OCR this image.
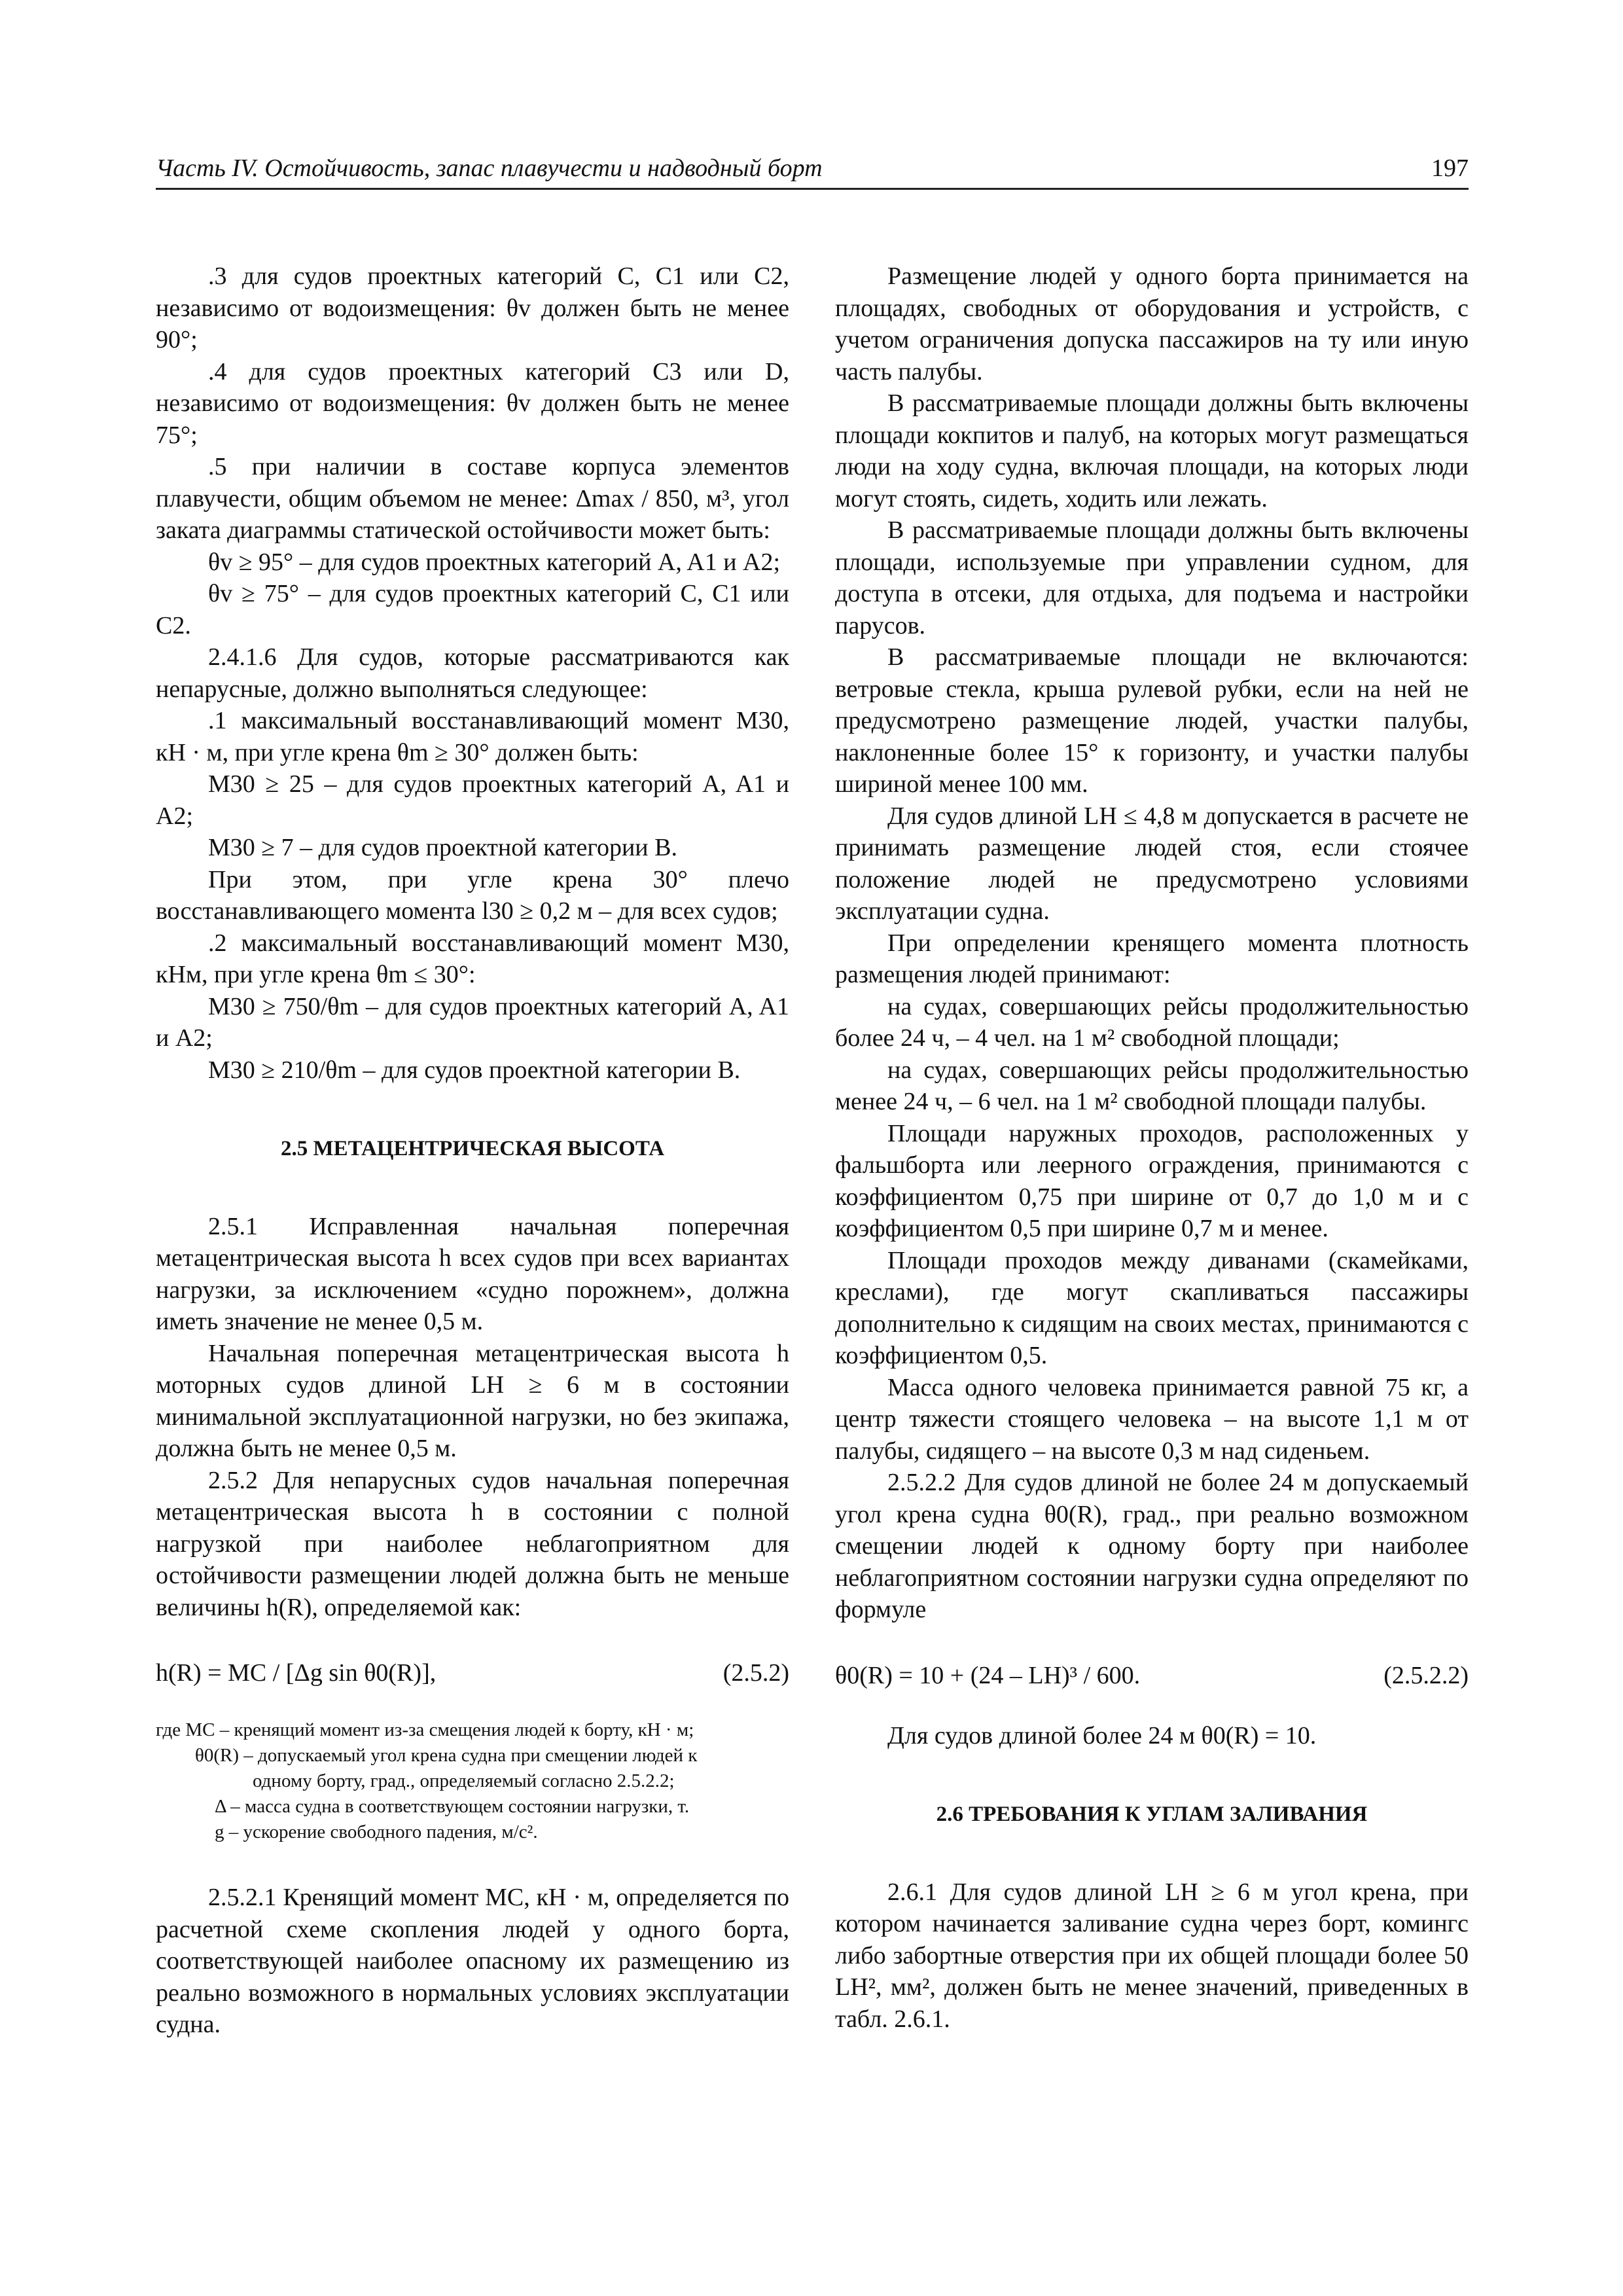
Часть IV. Остойчивость, запас плавучести и надводный борт	197

.3 для судов проектных категорий C, C1 или C2, независимо от водоизмещения: θv должен быть не менее 90°;

.4 для судов проектных категорий C3 или D, независимо от водоизмещения: θv должен быть не менее 75°;

.5 при наличии в составе корпуса элементов плавучести, общим объемом не менее: Δmax / 850, м³, угол заката диаграммы статической остойчивости может быть:

θv ≥ 95° – для судов проектных категорий A, A1 и A2;

θv ≥ 75° – для судов проектных категорий C, C1 или C2.

2.4.1.6 Для судов, которые рассматриваются как непарусные, должно выполняться следующее:

.1 максимальный восстанавливающий момент M30, кН · м, при угле крена θm ≥ 30° должен быть:

M30 ≥ 25 – для судов проектных категорий A, A1 и A2;

M30 ≥ 7 – для судов проектной категории B.

При этом, при угле крена 30° плечо восстанавливающего момента l30 ≥ 0,2 м – для всех судов;

.2 максимальный восстанавливающий момент M30, кНм, при угле крена θm ≤ 30°:

M30 ≥ 750/θm – для судов проектных категорий A, A1 и A2;

M30 ≥ 210/θm – для судов проектной категории B.

2.5 МЕТАЦЕНТРИЧЕСКАЯ ВЫСОТА

2.5.1 Исправленная начальная поперечная метацентрическая высота h всех судов при всех вариантах нагрузки, за исключением «судно порожнем», должна иметь значение не менее 0,5 м.

Начальная поперечная метацентрическая высота h моторных судов длиной LH ≥ 6 м в состоянии минимальной эксплуатационной нагрузки, но без экипажа, должна быть не менее 0,5 м.

2.5.2 Для непарусных судов начальная поперечная метацентрическая высота h в состоянии с полной нагрузкой при наиболее неблагоприятном для остойчивости размещении людей должна быть не меньше величины h(R), определяемой как:

h(R) = MC / [Δg sin θ0(R)],	(2.5.2)

где MC – кренящий момент из-за смещения людей к борту, кН · м;

θ0(R) – допускаемый угол крена судна при смещении людей к

одному борту, град., определяемый согласно 2.5.2.2;

Δ – масса судна в соответствующем состоянии нагрузки, т.

g – ускорение свободного падения, м/с².

2.5.2.1 Кренящий момент MC, кН · м, определяется по расчетной схеме скопления людей у одного борта, соответствующей наиболее опасному их размещению из реально возможного в нормальных условиях эксплуатации судна.

Размещение людей у одного борта принимается на площадях, свободных от оборудования и устройств, с учетом ограничения допуска пассажиров на ту или иную часть палубы.

В рассматриваемые площади должны быть включены площади кокпитов и палуб, на которых могут размещаться люди на ходу судна, включая площади, на которых люди могут стоять, сидеть, ходить или лежать.

В рассматриваемые площади должны быть включены площади, используемые при управлении судном, для доступа в отсеки, для отдыха, для подъема и настройки парусов.

В рассматриваемые площади не включаются: ветровые стекла, крыша рулевой рубки, если на ней не предусмотрено размещение людей, участки палубы, наклоненные более 15° к горизонту, и участки палубы шириной менее 100 мм.

Для судов длиной LH ≤ 4,8 м допускается в расчете не принимать размещение людей стоя, если стоячее положение людей не предусмотрено условиями эксплуатации судна.

При определении кренящего момента плотность размещения людей принимают:

на судах, совершающих рейсы продолжительностью более 24 ч, – 4 чел. на 1 м² свободной площади;

на судах, совершающих рейсы продолжительностью менее 24 ч, – 6 чел. на 1 м² свободной площади палубы.

Площади наружных проходов, расположенных у фальшборта или леерного ограждения, принимаются с коэффициентом 0,75 при ширине от 0,7 до 1,0 м и с коэффициентом 0,5 при ширине 0,7 м и менее.

Площади проходов между диванами (скамейками, креслами), где могут скапливаться пассажиры дополнительно к сидящим на своих местах, принимаются с коэффициентом 0,5.

Масса одного человека принимается равной 75 кг, а центр тяжести стоящего человека – на высоте 1,1 м от палубы, сидящего – на высоте 0,3 м над сиденьем.

2.5.2.2 Для судов длиной не более 24 м допускаемый угол крена судна θ0(R), град., при реально возможном смещении людей к одному борту при наиболее неблагоприятном состоянии нагрузки судна определяют по формуле

θ0(R) = 10 + (24 – LH)³ / 600.	(2.5.2.2)

Для судов длиной более 24 м θ0(R) = 10.

2.6 ТРЕБОВАНИЯ К УГЛАМ ЗАЛИВАНИЯ

2.6.1 Для судов длиной LH ≥ 6 м угол крена, при котором начинается заливание судна через борт, комингс либо забортные отверстия при их общей площади более 50 LH², мм², должен быть не менее значений, приведенных в табл. 2.6.1.
